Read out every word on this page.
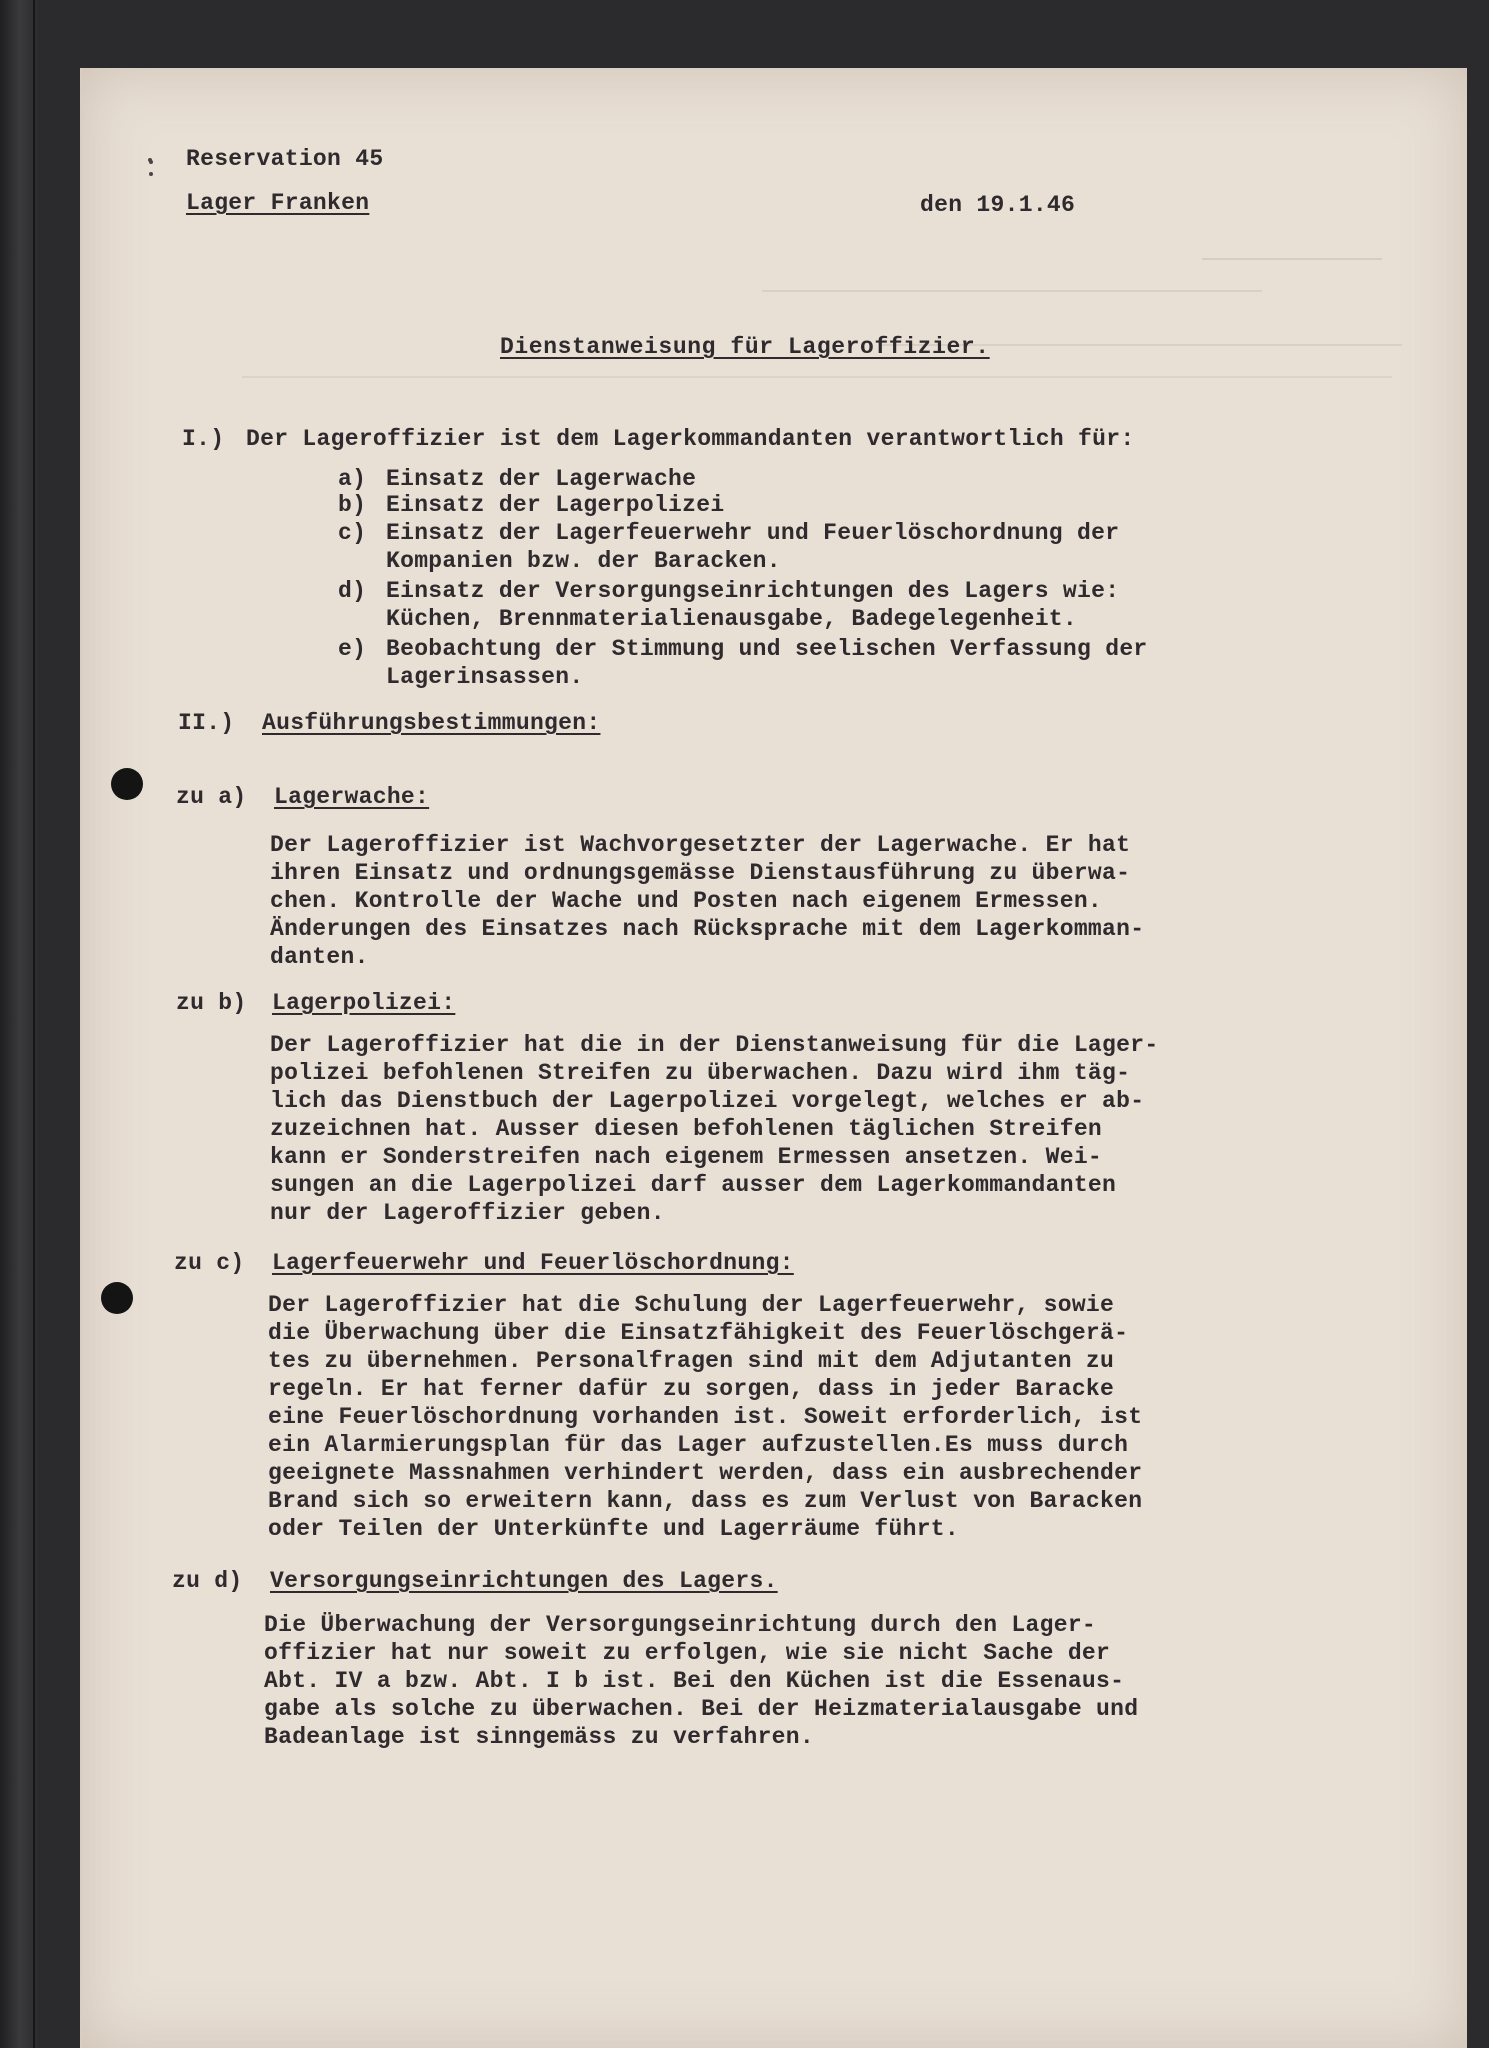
Reservation 45
Lager Franken	den 19.1.46
Dienstanweisung für Lageroffizier.
I.) Der Lageroffizier ist dem Lagerkommandanten verantwortlich für:
a) Einsatz der Lagerwache
b) Einsatz der Lagerpolizei
c) Einsatz der Lagerfeuerwehr und Feuerlöschordnung der
Kompanien bzw. der Baracken.
d) Einsatz der Versorgungseinrichtungen des Lagers wie:
Küchen, Brennmaterialienausgabe, Badegelegenheit.
e) Beobachtung der Stimmung und seelischen Verfassung der
Lagerinsassen.
II.) Ausführungsbestimmungen:
zu a) Lagerwache:
Der Lageroffizier ist Wachvorgesetzter der Lagerwache. Er hat
ihren Einsatz und ordnungsgemässe Dienstausführung zu überwa-
chen. Kontrolle der Wache und Posten nach eigenem Ermessen.
Änderungen des Einsatzes nach Rücksprache mit dem Lagerkomman-
danten.
zu b) Lagerpolizei:
Der Lageroffizier hat die in der Dienstanweisung für die Lager-
polizei befohlenen Streifen zu überwachen. Dazu wird ihm täg-
lich das Dienstbuch der Lagerpolizei vorgelegt, welches er ab-
zuzeichnen hat. Ausser diesen befohlenen täglichen Streifen
kann er Sonderstreifen nach eigenem Ermessen ansetzen. Wei-
sungen an die Lagerpolizei darf ausser dem Lagerkommandanten
nur der Lageroffizier geben.
zu c) Lagerfeuerwehr und Feuerlöschordnung:
Der Lageroffizier hat die Schulung der Lagerfeuerwehr, sowie
die Überwachung über die Einsatzfähigkeit des Feuerlöschgerä-
tes zu übernehmen. Personalfragen sind mit dem Adjutanten zu
regeln. Er hat ferner dafür zu sorgen, dass in jeder Baracke
eine Feuerlöschordnung vorhanden ist. Soweit erforderlich, ist
ein Alarmierungsplan für das Lager aufzustellen.Es muss durch
geeignete Massnahmen verhindert werden, dass ein ausbrechender
Brand sich so erweitern kann, dass es zum Verlust von Baracken
oder Teilen der Unterkünfte und Lagerräume führt.
zu d) Versorgungseinrichtungen des Lagers.
Die Überwachung der Versorgungseinrichtung durch den Lager-
offizier hat nur soweit zu erfolgen, wie sie nicht Sache der
Abt. IV a bzw. Abt. I b ist. Bei den Küchen ist die Essenaus-
gabe als solche zu überwachen. Bei der Heizmaterialausgabe und
Badeanlage ist sinngemäss zu verfahren.
